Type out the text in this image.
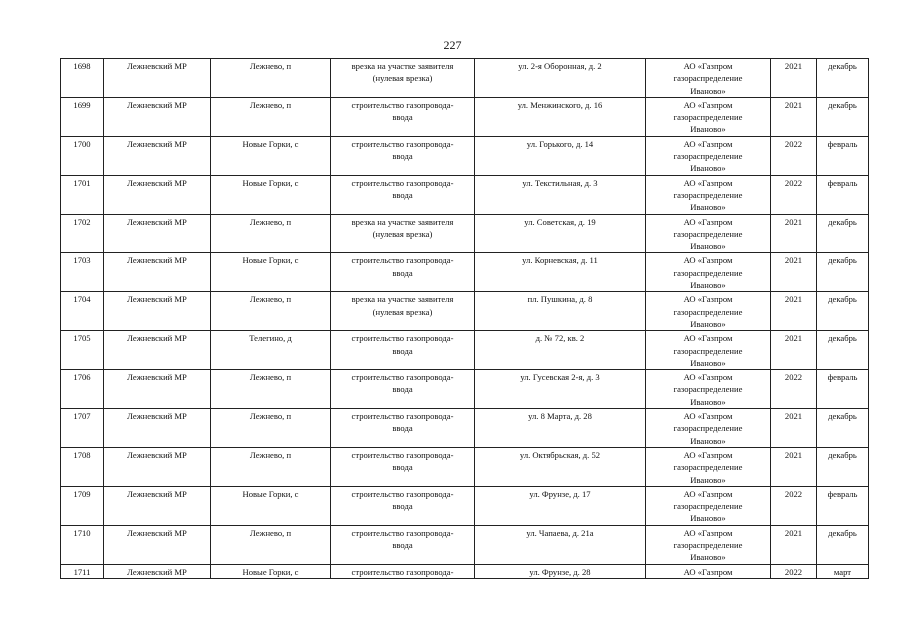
227
1698	Лежневский МР	Лежнево, п	врезка на участке заявителя
(нулевая врезка)	ул. 2-я Оборонная, д. 2	АО «Газпром
газораспределение
Иваново»	2021	декабрь
1699	Лежневский МР	Лежнево, п	строительство газопровода-
ввода	ул. Менжинского, д. 16	АО «Газпром
газораспределение
Иваново»	2021	декабрь
1700	Лежневский МР	Новые Горки, с	строительство газопровода-
ввода	ул. Горького, д. 14	АО «Газпром
газораспределение
Иваново»	2022	февраль
1701	Лежневский МР	Новые Горки, с	строительство газопровода-
ввода	ул. Текстильная, д. 3	АО «Газпром
газораспределение
Иваново»	2022	февраль
1702	Лежневский МР	Лежнево, п	врезка на участке заявителя
(нулевая врезка)	ул. Советская, д. 19	АО «Газпром
газораспределение
Иваново»	2021	декабрь
1703	Лежневский МР	Новые Горки, с	строительство газопровода-
ввода	ул. Корневская, д. 11	АО «Газпром
газораспределение
Иваново»	2021	декабрь
1704	Лежневский МР	Лежнево, п	врезка на участке заявителя
(нулевая врезка)	пл. Пушкина, д. 8	АО «Газпром
газораспределение
Иваново»	2021	декабрь
1705	Лежневский МР	Телегино, д	строительство газопровода-
ввода	д. № 72, кв. 2	АО «Газпром
газораспределение
Иваново»	2021	декабрь
1706	Лежневский МР	Лежнево, п	строительство газопровода-
ввода	ул. Гусевская 2-я, д. 3	АО «Газпром
газораспределение
Иваново»	2022	февраль
1707	Лежневский МР	Лежнево, п	строительство газопровода-
ввода	ул. 8 Марта, д. 28	АО «Газпром
газораспределение
Иваново»	2021	декабрь
1708	Лежневский МР	Лежнево, п	строительство газопровода-
ввода	ул. Октябрьская, д. 52	АО «Газпром
газораспределение
Иваново»	2021	декабрь
1709	Лежневский МР	Новые Горки, с	строительство газопровода-
ввода	ул. Фрунзе, д. 17	АО «Газпром
газораспределение
Иваново»	2022	февраль
1710	Лежневский МР	Лежнево, п	строительство газопровода-
ввода	ул. Чапаева, д. 21а	АО «Газпром
газораспределение
Иваново»	2021	декабрь
1711	Лежневский МР	Новые Горки, с	строительство газопровода-	ул. Фрунзе, д. 28	АО «Газпром	2022	март
